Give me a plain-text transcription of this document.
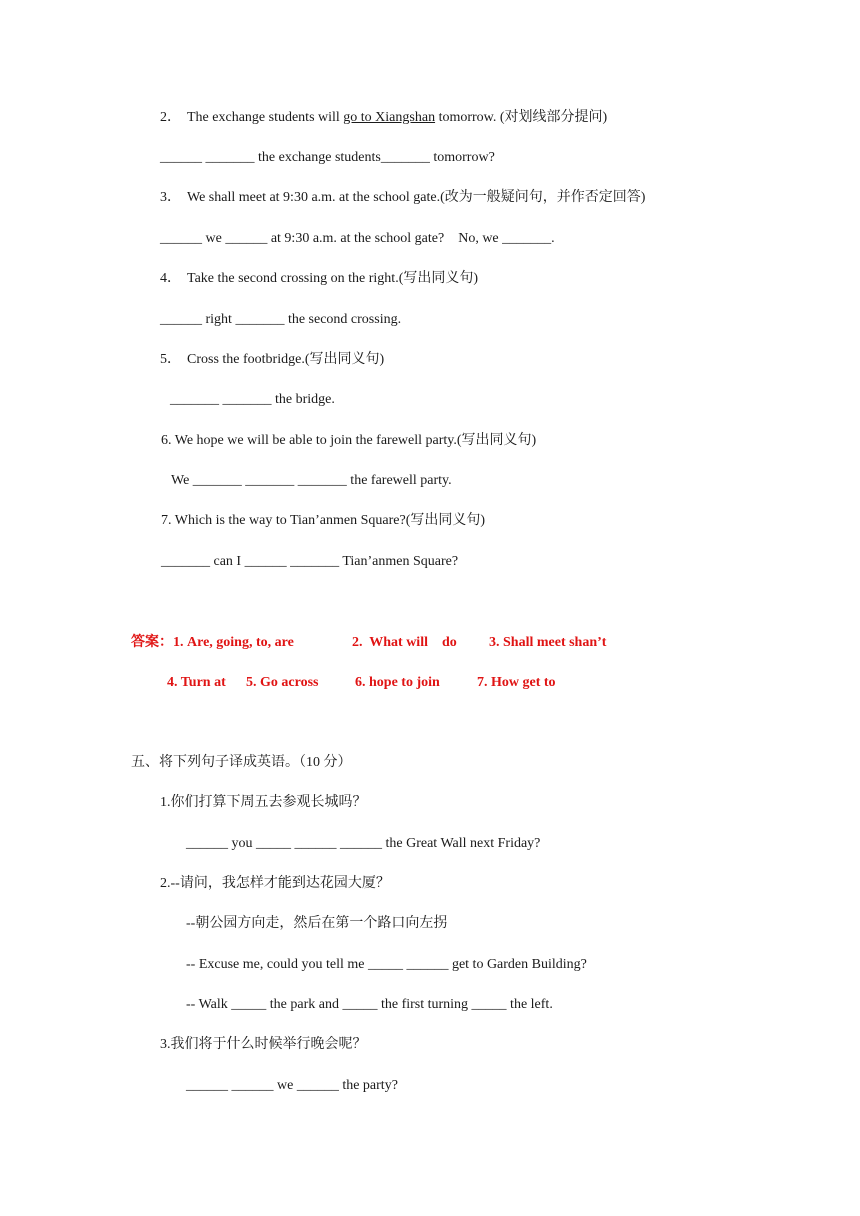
2． The exchange students will go to Xiangshan tomorrow. (对划线部分提问)
______ _______ the exchange students_______ tomorrow?
3． We shall meet at 9:30 a.m. at the school gate.(改为一般疑问句，并作否定回答)
______ we ______ at 9:30 a.m. at the school gate?    No, we _______.
4． Take the second crossing on the right.(写出同义句)
______ right _______ the second crossing.
5． Cross the footbridge.(写出同义句)
_______ _______ the bridge.
6. We hope we will be able to join the farewell party.(写出同义句)
We _______ _______ _______ the farewell party.
7. Which is the way to Tian’anmen Square?(写出同义句)
_______ can I ______ _______ Tian’anmen Square?
答案：1. Are, going, to, are	2.  What will    do 3. Shall meet shan’t
4. Turn at 5. Go across	6. hope to join	7. How get to
五、将下列句子译成英语。（10 分）
1.你们打算下周五去参观长城吗？
______ you _____ ______ ______ the Great Wall next Friday?
2.--请问，我怎样才能到达花园大厦？
--朝公园方向走，然后在第一个路口向左拐
-- Excuse me, could you tell me _____ ______ get to Garden Building?
-- Walk _____ the park and _____ the first turning _____ the left.
3.我们将于什么时候举行晚会呢？
______ ______ we ______ the party?
